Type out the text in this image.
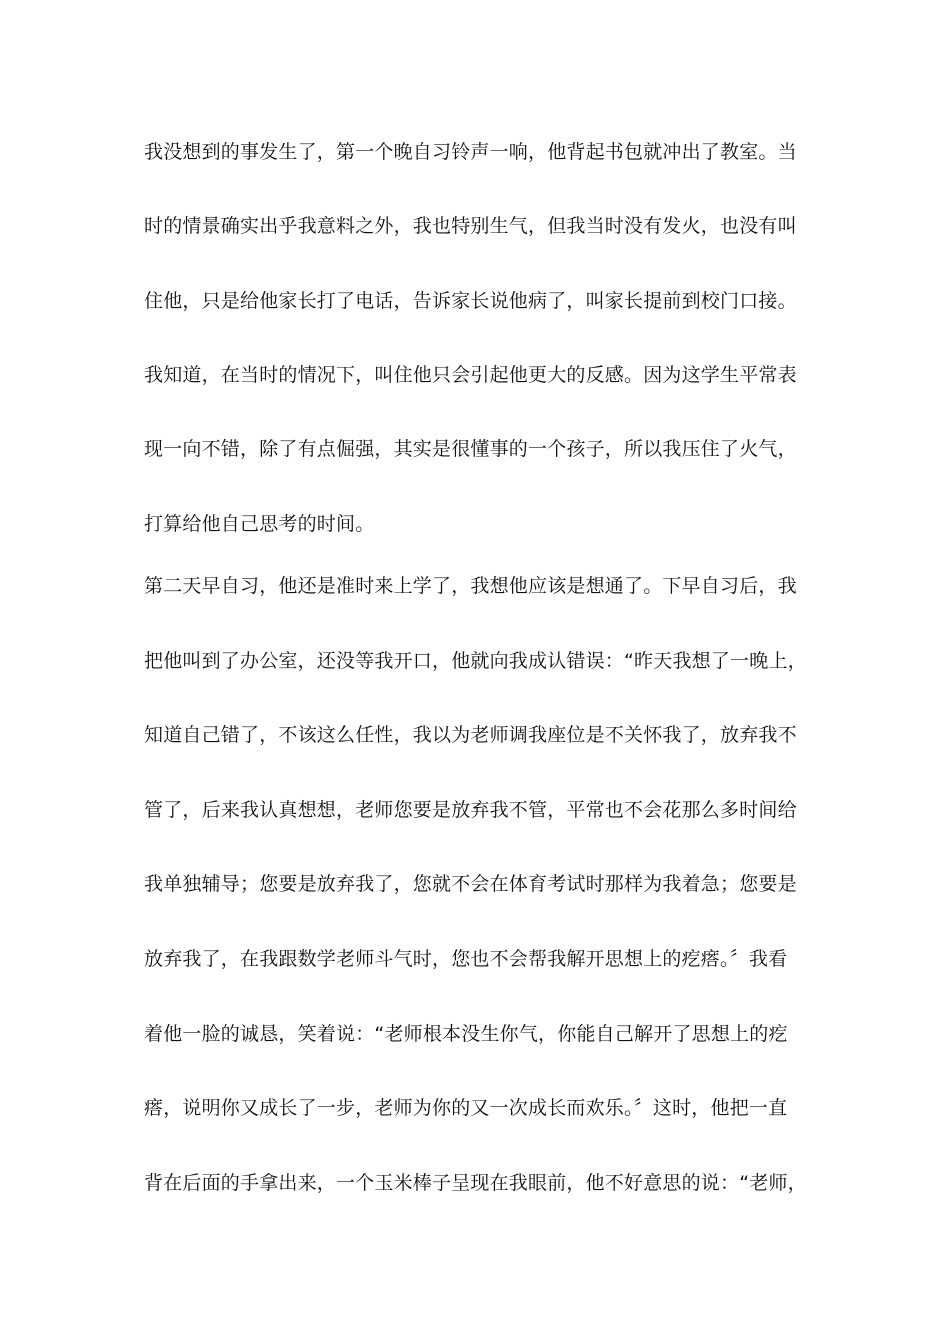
我没想到的事发生了，第一个晚自习铃声一响，他背起书包就冲出了教室。当
时的情景确实出乎我意料之外，我也特别生气，但我当时没有发火，也没有叫
住他，只是给他家长打了电话，告诉家长说他病了，叫家长提前到校门口接。
我知道，在当时的情况下，叫住他只会引起他更大的反感。因为这学生平常表
现一向不错，除了有点倔强，其实是很懂事的一个孩子，所以我压住了火气，
打算给他自己思考的时间。
第二天早自习，他还是准时来上学了，我想他应该是想通了。下早自习后，我
把他叫到了办公室，还没等我开口，他就向我成认错误：“昨天我想了一晚上，
知道自己错了，不该这么任性，我以为老师调我座位是不关怀我了，放弃我不
管了，后来我认真想想，老师您要是放弃我不管，平常也不会花那么多时间给
我单独辅导；您要是放弃我了，您就不会在体育考试时那样为我着急；您要是
放弃我了，在我跟数学老师斗气时，您也不会帮我解开思想上的疙瘩。〞我看
着他一脸的诚恳，笑着说：“老师根本没生你气，你能自己解开了思想上的疙
瘩，说明你又成长了一步，老师为你的又一次成长而欢乐。〞这时，他把一直
背在后面的手拿出来，一个玉米棒子呈现在我眼前，他不好意思的说：“老师，
